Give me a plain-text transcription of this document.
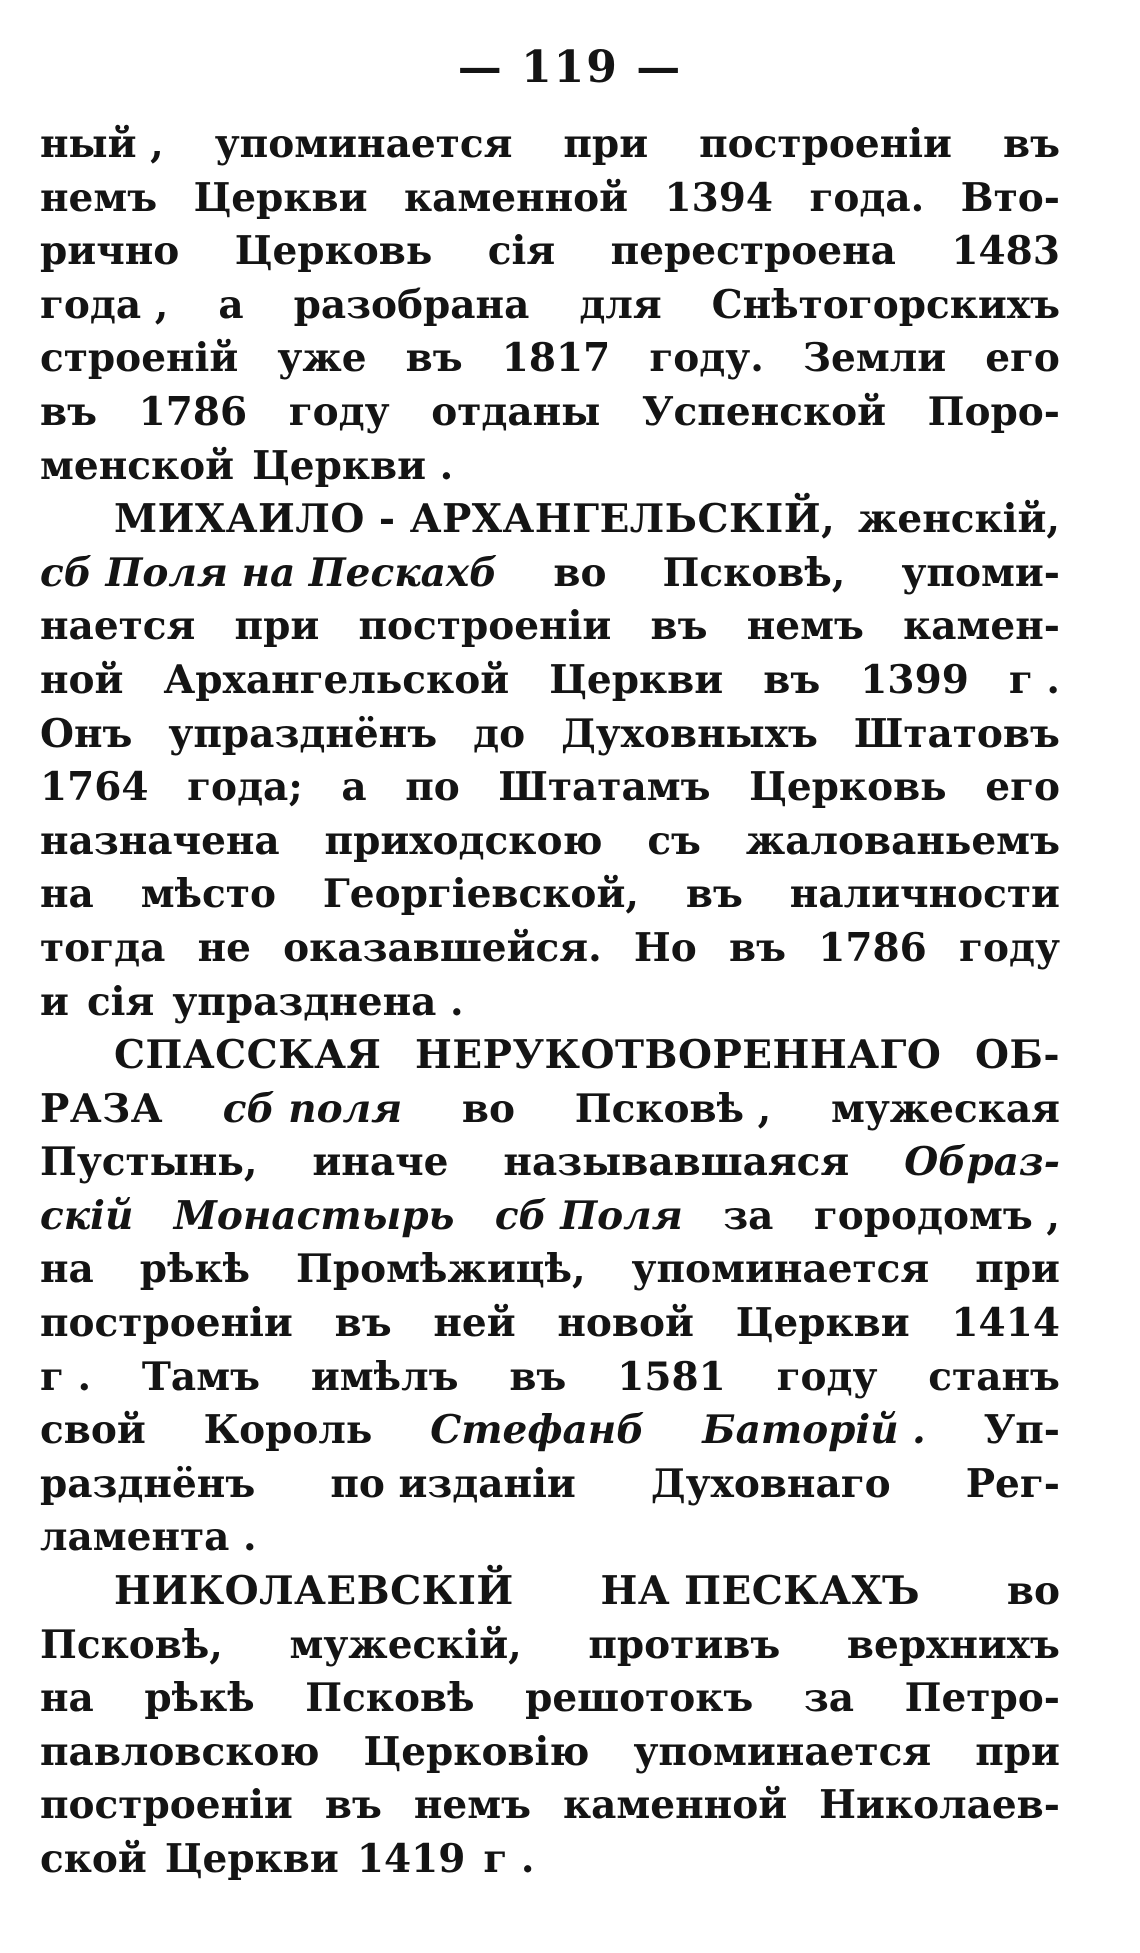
— 119 —
ный , упоминается при построеніи въ
немъ Церкви каменной 1394 года. Вто-
рично Церковь сія перестроена 1483
года , а разобрана для Снѣтогорскихъ
строеній уже въ 1817 году. Земли его
въ 1786 году отданы Успенской Поро-
менской Церкви .
МИХАИЛО - АРХАНГЕЛЬСКІЙ, женскій,
сб Поля на Пескахб во Псковѣ, упоми-
нается при построеніи въ немъ камен-
ной Архангельской Церкви въ 1399 г .
Онъ упразднёнъ до Духовныхъ Штатовъ
1764 года; а по Штатамъ Церковь его
назначена приходскою съ жалованьемъ
на мѣсто Георгіевской, въ наличности
тогда не оказавшейся. Но въ 1786 году
и сія упразднена .
СПАССКАЯ НЕРУКОТВОРЕННАГО ОБ-
РАЗА сб поля во Псковѣ , мужеская
Пустынь, иначе называвшаяся Образ-
скій Монастырь сб Поля за городомъ ,
на рѣкѣ Промѣжицѣ, упоминается при
построеніи въ ней новой Церкви 1414
г . Тамъ имѣлъ въ 1581 году станъ
свой Король Стефанб Баторій . Уп-
разднёнъ по изданіи Духовнаго Рег-
ламента .
НИКОЛАЕВСКІЙ НА ПЕСКАХЪ во
Псковѣ, мужескій, противъ верхнихъ
на рѣкѣ Псковѣ решотокъ за Петро-
павловскою Церковію упоминается при
построеніи въ немъ каменной Николаев-
ской Церкви 1419 г .
